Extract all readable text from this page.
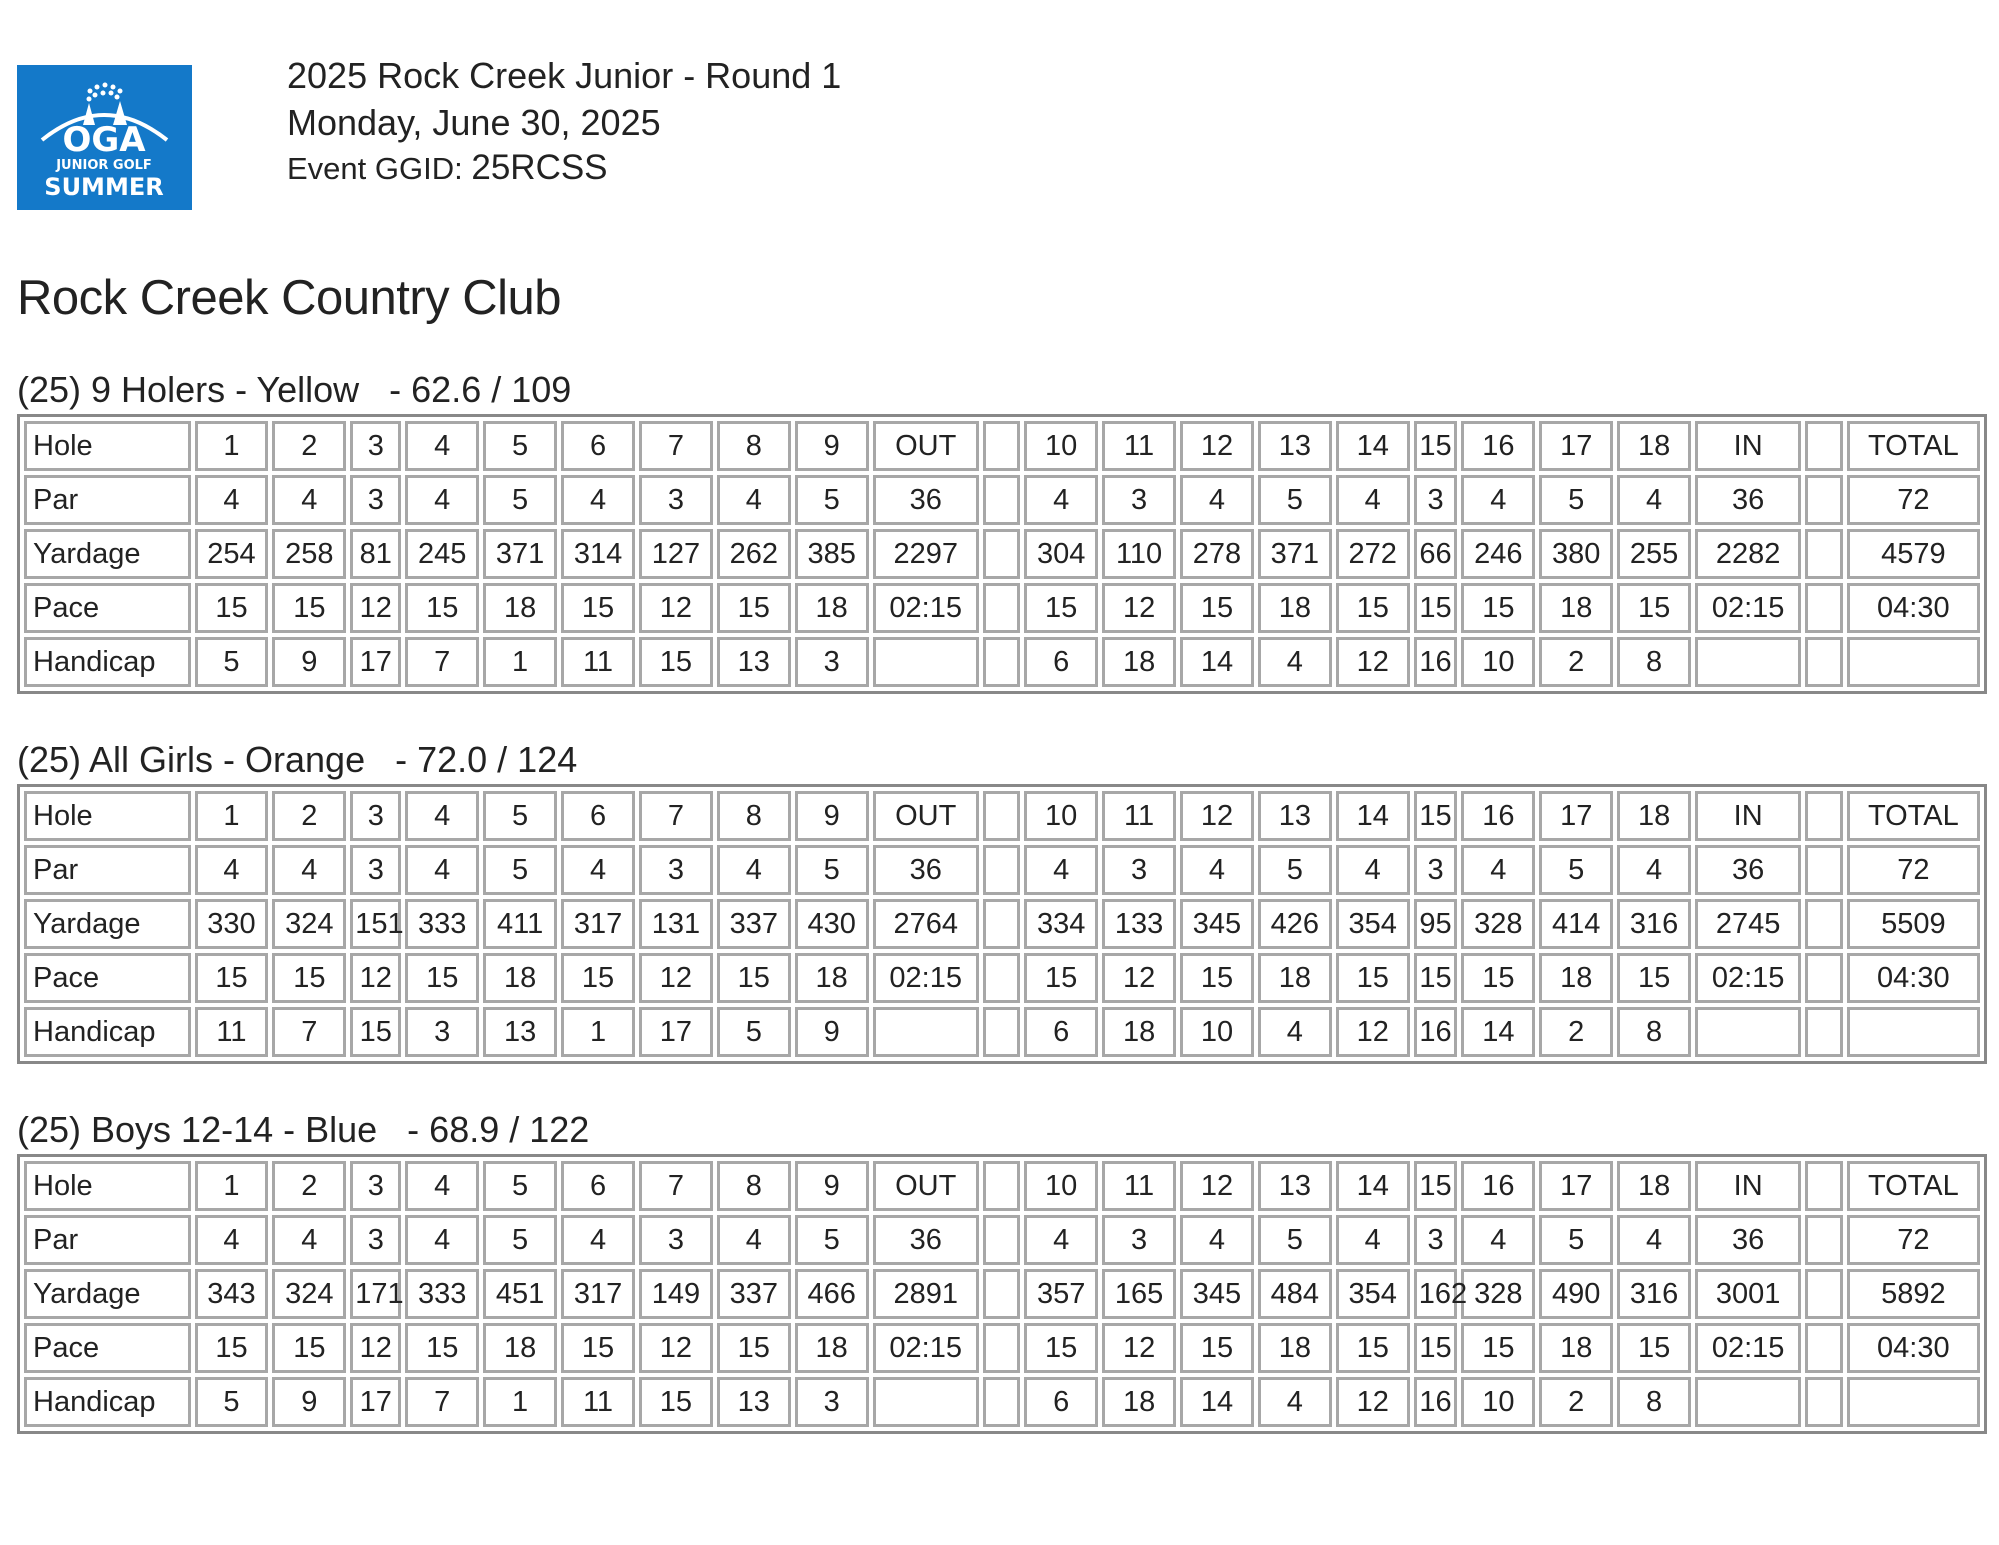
OGA
JUNIOR GOLF
SUMMER
2025 Rock Creek Junior - Round 1
Monday, June 30, 2025
Event GGID: 25RCSS
Rock Creek Country Club
(25) 9 Holers - Yellow   - 62.6 / 109
Hole	1	2	3	4	5	6	7	8	9	OUT		10	11	12	13	14	15	16	17	18	IN		TOTAL
Par	4	4	3	4	5	4	3	4	5	36		4	3	4	5	4	3	4	5	4	36		72
Yardage	254	258	81	245	371	314	127	262	385	2297		304	110	278	371	272	66	246	380	255	2282		4579
Pace	15	15	12	15	18	15	12	15	18	02:15		15	12	15	18	15	15	15	18	15	02:15		04:30
Handicap	5	9	17	7	1	11	15	13	3			6	18	14	4	12	16	10	2	8			
(25) All Girls - Orange   - 72.0 / 124
Hole	1	2	3	4	5	6	7	8	9	OUT		10	11	12	13	14	15	16	17	18	IN		TOTAL
Par	4	4	3	4	5	4	3	4	5	36		4	3	4	5	4	3	4	5	4	36		72
Yardage	330	324	151	333	411	317	131	337	430	2764		334	133	345	426	354	95	328	414	316	2745		5509
Pace	15	15	12	15	18	15	12	15	18	02:15		15	12	15	18	15	15	15	18	15	02:15		04:30
Handicap	11	7	15	3	13	1	17	5	9			6	18	10	4	12	16	14	2	8			
(25) Boys 12-14 - Blue   - 68.9 / 122
Hole	1	2	3	4	5	6	7	8	9	OUT		10	11	12	13	14	15	16	17	18	IN		TOTAL
Par	4	4	3	4	5	4	3	4	5	36		4	3	4	5	4	3	4	5	4	36		72
Yardage	343	324	171	333	451	317	149	337	466	2891		357	165	345	484	354	162	328	490	316	3001		5892
Pace	15	15	12	15	18	15	12	15	18	02:15		15	12	15	18	15	15	15	18	15	02:15		04:30
Handicap	5	9	17	7	1	11	15	13	3			6	18	14	4	12	16	10	2	8			
